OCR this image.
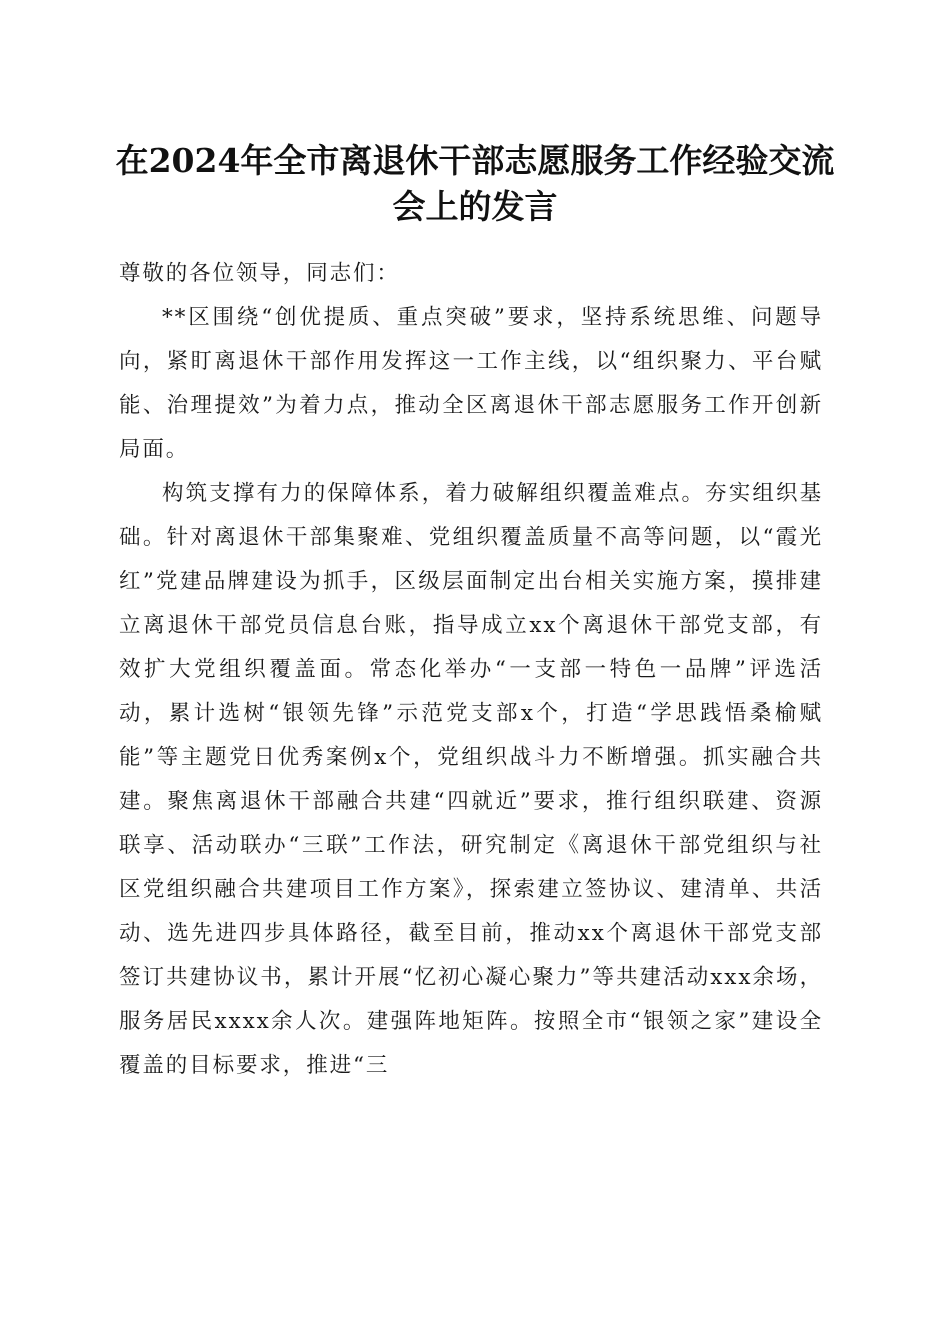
在2024年全市离退休干部志愿服务工作经验交流会上的发言

尊敬的各位领导，同志们：

**区围绕“创优提质、重点突破”要求，坚持系统思维、问题导向，紧盯离退休干部作用发挥这一工作主线，以“组织聚力、平台赋能、治理提效”为着力点，推动全区离退休干部志愿服务工作开创新局面。

构筑支撑有力的保障体系，着力破解组织覆盖难点。夯实组织基础。针对离退休干部集聚难、党组织覆盖质量不高等问题，以“霞光红”党建品牌建设为抓手，区级层面制定出台相关实施方案，摸排建立离退休干部党员信息台账，指导成立xx个离退休干部党支部，有效扩大党组织覆盖面。常态化举办“一支部一特色一品牌”评选活动，累计选树“银领先锋”示范党支部x个，打造“学思践悟桑榆赋能”等主题党日优秀案例x个，党组织战斗力不断增强。抓实融合共建。聚焦离退休干部融合共建“四就近”要求，推行组织联建、资源联享、活动联办“三联”工作法，研究制定《离退休干部党组织与社区党组织融合共建项目工作方案》，探索建立签协议、建清单、共活动、选先进四步具体路径，截至目前，推动xx个离退休干部党支部签订共建协议书，累计开展“忆初心凝心聚力”等共建活动xxx余场，服务居民xxxx余人次。建强阵地矩阵。按照全市“银领之家”建设全覆盖的目标要求，推进“三
